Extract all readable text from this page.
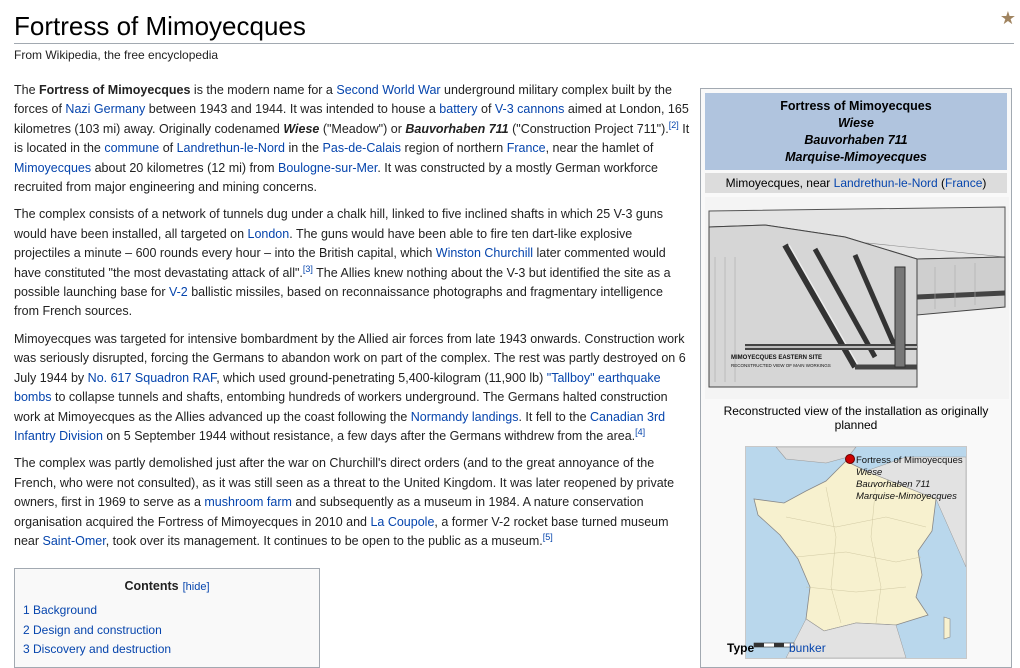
Fortress of Mimoyecques	★
From Wikipedia, the free encyclopedia

The Fortress of Mimoyecques is the modern name for a Second World War underground military complex built by the forces of Nazi Germany between 1943 and 1944. It was intended to house a battery of V-3 cannons aimed at London, 165 kilometres (103 mi) away. Originally codenamed Wiese ("Meadow") or Bauvorhaben 711 ("Construction Project 711").[2] It is located in the commune of Landrethun-le-Nord in the Pas-de-Calais region of northern France, near the hamlet of Mimoyecques about 20 kilometres (12 mi) from Boulogne-sur-Mer. It was constructed by a mostly German workforce recruited from major engineering and mining concerns.

The complex consists of a network of tunnels dug under a chalk hill, linked to five inclined shafts in which 25 V-3 guns would have been installed, all targeted on London. The guns would have been able to fire ten dart-like explosive projectiles a minute – 600 rounds every hour – into the British capital, which Winston Churchill later commented would have constituted "the most devastating attack of all".[3] The Allies knew nothing about the V-3 but identified the site as a possible launching base for V-2 ballistic missiles, based on reconnaissance photographs and fragmentary intelligence from French sources.

Mimoyecques was targeted for intensive bombardment by the Allied air forces from late 1943 onwards. Construction work was seriously disrupted, forcing the Germans to abandon work on part of the complex. The rest was partly destroyed on 6 July 1944 by No. 617 Squadron RAF, which used ground-penetrating 5,400-kilogram (11,900 lb) "Tallboy" earthquake bombs to collapse tunnels and shafts, entombing hundreds of workers underground. The Germans halted construction work at Mimoyecques as the Allies advanced up the coast following the Normandy landings. It fell to the Canadian 3rd Infantry Division on 5 September 1944 without resistance, a few days after the Germans withdrew from the area.[4]

The complex was partly demolished just after the war on Churchill's direct orders (and to the great annoyance of the French, who were not consulted), as it was still seen as a threat to the United Kingdom. It was later reopened by private owners, first in 1969 to serve as a mushroom farm and subsequently as a museum in 1984. A nature conservation organisation acquired the Fortress of Mimoyecques in 2010 and La Coupole, a former V-2 rocket base turned museum near Saint-Omer, took over its management. It continues to be open to the public as a museum.[5]

Contents [hide]
1 Background
2 Design and construction
3 Discovery and destruction
Fortress of Mimoyecques
Wiese
Bauvorhaben 711
Marquise-Mimoyecques
Mimoyecques, near Landrethun-le-Nord (France)
MIMOYECQUES EASTERN SITE
RECONSTRUCTED VIEW OF MAIN WORKINGS
Reconstructed view of the installation as originally planned
Fortress of Mimoyecques
Wiese
Bauvorhaben 711
Marquise-Mimoyecques
Type	bunker
